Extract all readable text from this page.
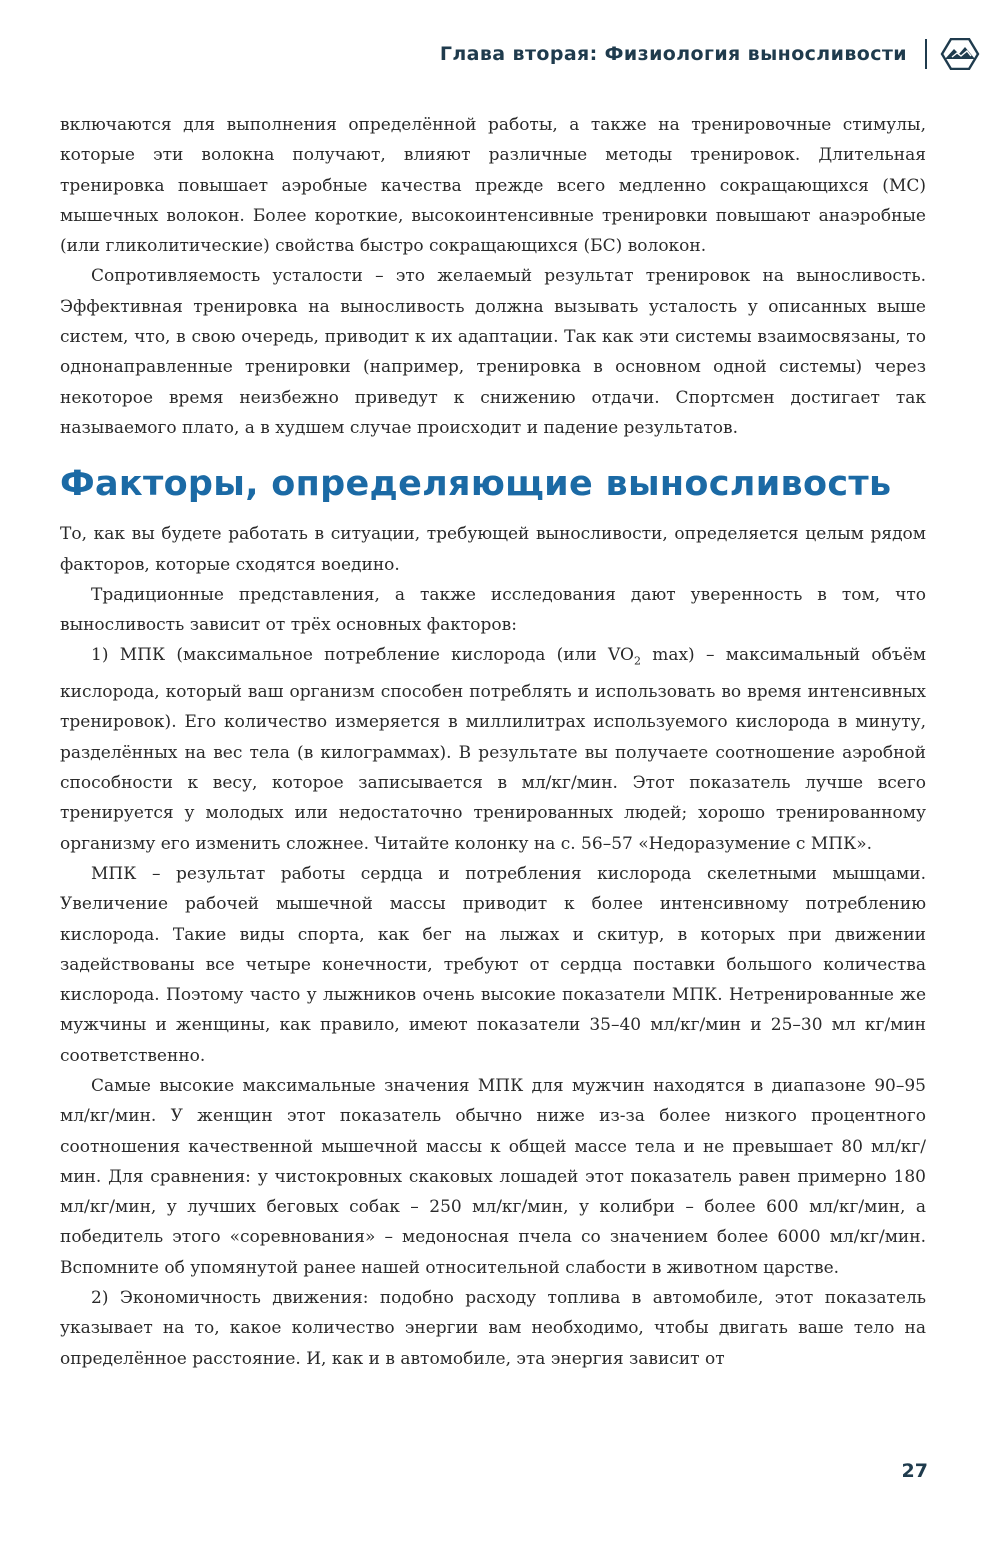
Глава вторая: Физиология выносливости

включаются для выполнения определённой работы, а также на тренировочные стимулы, которые эти волокна получают, влияют различные методы тренировок. Длительная тренировка повышает аэробные качества прежде всего медленно сокращающихся (МС) мышечных волокон. Более короткие, высокоинтенсивные тренировки повышают анаэробные (или гликолитические) свойства быстро сокращающихся (БС) волокон.

Сопротивляемость усталости – это желаемый результат тренировок на выносливость. Эффективная тренировка на выносливость должна вызывать усталость у описанных выше систем, что, в свою очередь, приводит к их адаптации. Так как эти системы взаимосвязаны, то однонаправленные тренировки (например, тренировка в основном одной системы) через некоторое время неизбежно приведут к снижению отдачи. Спортсмен достигает так называемого плато, а в худшем случае происходит и падение результатов.

Факторы, определяющие выносливость

То, как вы будете работать в ситуации, требующей выносливости, определяется целым рядом факторов, которые сходятся воедино.

Традиционные представления, а также исследования дают уверенность в том, что выносливость зависит от трёх основных факторов:

1) МПК (максимальное потребление кислорода (или $VO_2$ max) – максимальный объём кислорода, который ваш организм способен потреблять и использовать во время интенсивных тренировок). Его количество измеряется в миллилитрах используемого кислорода в минуту, разделённых на вес тела (в килограммах). В результате вы получаете соотношение аэробной способности к весу, которое записывается в мл/кг/мин. Этот показатель лучше всего тренируется у молодых или недостаточно тренированных людей; хорошо тренированному организму его изменить сложнее. Читайте колонку на с. 56–57 «Недоразумение с МПК».

МПК – результат работы сердца и потребления кислорода скелетными мышцами. Увеличение рабочей мышечной массы приводит к более интенсивному потреблению кислорода. Такие виды спорта, как бег на лыжах и скитур, в которых при движении задействованы все четыре конечности, требуют от сердца поставки большого количества кислорода. Поэтому часто у лыжников очень высокие показатели МПК. Нетренированные же мужчины и женщины, как правило, имеют показатели 35–40 мл/кг/мин и 25–30 мл кг/мин соответственно.

Самые высокие максимальные значения МПК для мужчин находятся в диапазоне 90–95 мл/кг/мин. У женщин этот показатель обычно ниже из-за более низкого процентного соотношения качественной мышечной массы к общей массе тела и не превышает 80 мл/кг/мин. Для сравнения: у чистокровных скаковых лошадей этот показатель равен примерно 180 мл/кг/мин, у лучших беговых собак – 250 мл/кг/мин, у колибри – более 600 мл/кг/мин, а победитель этого «соревнования» – медоносная пчела со значением более 6000 мл/кг/мин. Вспомните об упомянутой ранее нашей относительной слабости в животном царстве.

2) Экономичность движения: подобно расходу топлива в автомобиле, этот показатель указывает на то, какое количество энергии вам необходимо, чтобы двигать ваше тело на определённое расстояние. И, как и в автомобиле, эта энергия зависит от

27
